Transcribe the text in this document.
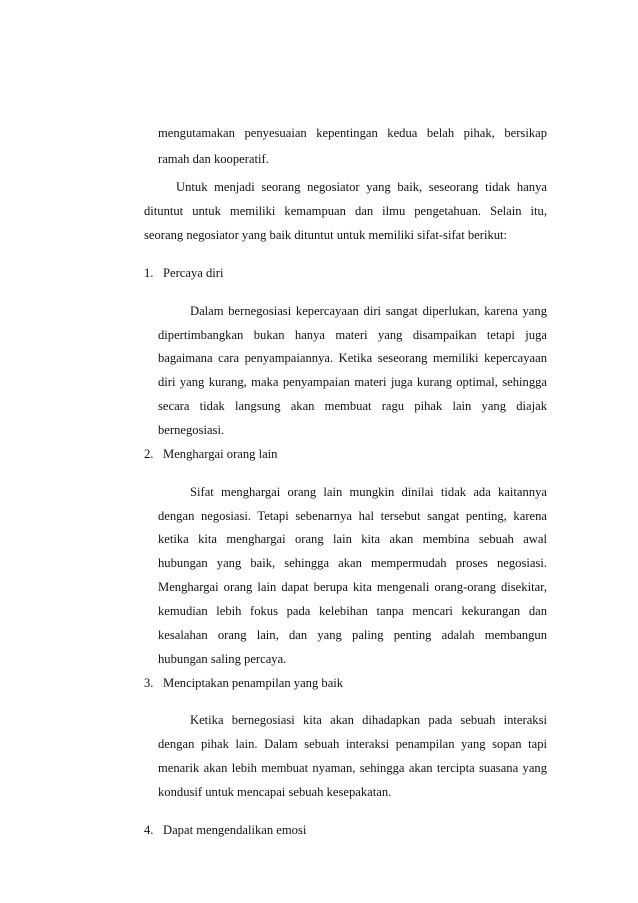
mengutamakan penyesuaian kepentingan kedua belah pihak, bersikap
ramah dan kooperatif.
Untuk menjadi seorang negosiator yang baik, seseorang tidak hanya
dituntut untuk memiliki kemampuan dan ilmu pengetahuan. Selain itu,
seorang negosiator yang baik dituntut untuk memiliki sifat-sifat berikut:
1. Percaya diri
Dalam bernegosiasi kepercayaan diri sangat diperlukan, karena yang
dipertimbangkan bukan hanya materi yang disampaikan tetapi juga
bagaimana cara penyampaiannya. Ketika seseorang memiliki kepercayaan
diri yang kurang, maka penyampaian materi juga kurang optimal, sehingga
secara tidak langsung akan membuat ragu pihak lain yang diajak
bernegosiasi.
2. Menghargai orang lain
Sifat menghargai orang lain mungkin dinilai tidak ada kaitannya
dengan negosiasi. Tetapi sebenarnya hal tersebut sangat penting, karena
ketika kita menghargai orang lain kita akan membina sebuah awal
hubungan yang baik, sehingga akan mempermudah proses negosiasi.
Menghargai orang lain dapat berupa kita mengenali orang-orang disekitar,
kemudian lebih fokus pada kelebihan tanpa mencari kekurangan dan
kesalahan orang lain, dan yang paling penting adalah membangun
hubungan saling percaya.
3. Menciptakan penampilan yang baik
Ketika bernegosiasi kita akan dihadapkan pada sebuah interaksi
dengan pihak lain. Dalam sebuah interaksi penampilan yang sopan tapi
menarik akan lebih membuat nyaman, sehingga akan tercipta suasana yang
kondusif untuk mencapai sebuah kesepakatan.
4. Dapat mengendalikan emosi
